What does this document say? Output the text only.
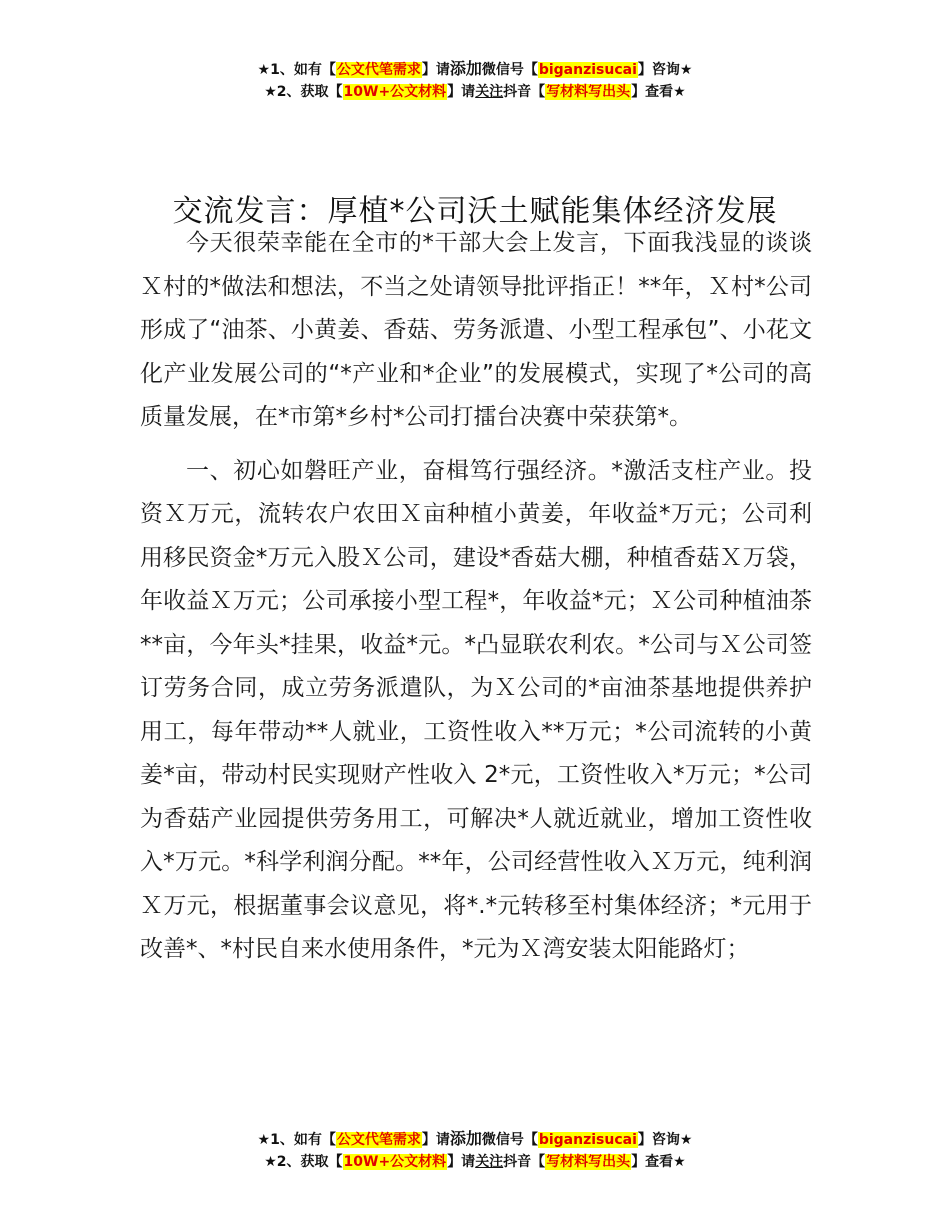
★1、如有【公文代笔需求】请添加微信号【biganzisucai】咨询★
★2、获取【10W+公文材料】请关注抖音【写材料写出头】查看★
交流发言：厚植*公司沃土赋能集体经济发展

今天很荣幸能在全市的*干部大会上发言，下面我浅显的谈谈Ｘ村的*做法和想法，不当之处请领导批评指正！**年，Ｘ村*公司形成了“油茶、小黄姜、香菇、劳务派遣、小型工程承包”、小花文化产业发展公司的“*产业和*企业”的发展模式，实现了*公司的高质量发展，在*市第*乡村*公司打擂台决赛中荣获第*。

一、初心如磐旺产业，奋楫笃行强经济。*激活支柱产业。投资Ｘ万元，流转农户农田Ｘ亩种植小黄姜，年收益*万元；公司利用移民资金*万元入股Ｘ公司，建设*香菇大棚，种植香菇Ｘ万袋，年收益Ｘ万元；公司承接小型工程*，年收益*元；Ｘ公司种植油茶**亩，今年头*挂果，收益*元。*凸显联农利农。*公司与Ｘ公司签订劳务合同，成立劳务派遣队，为Ｘ公司的*亩油茶基地提供养护用工，每年带动**人就业，工资性收入**万元；*公司流转的小黄姜*亩，带动村民实现财产性收入 2*元，工资性收入*万元；*公司为香菇产业园提供劳务用工，可解决*人就近就业，增加工资性收入*万元。*科学利润分配。**年，公司经营性收入Ｘ万元，纯利润Ｘ万元，根据董事会议意见，将*.*元转移至村集体经济；*元用于改善*、*村民自来水使用条件，*元为Ｘ湾安装太阳能路灯；

★1、如有【公文代笔需求】请添加微信号【biganzisucai】咨询★
★2、获取【10W+公文材料】请关注抖音【写材料写出头】查看★
